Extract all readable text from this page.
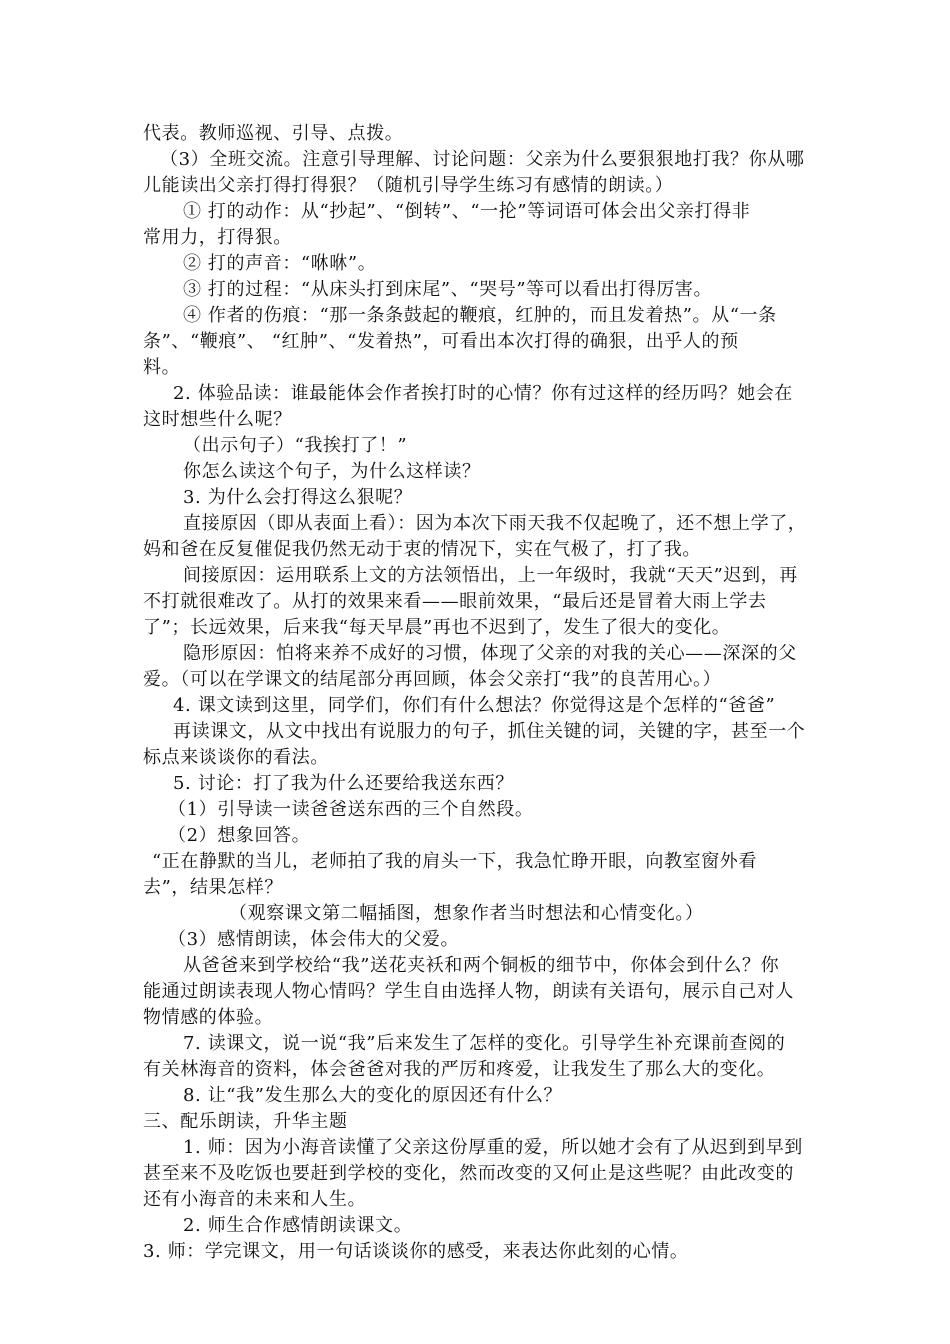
代表。教师巡视、引导、点拨。
（3）全班交流。注意引导理解、讨论问题：父亲为什么要狠狠地打我？你从哪
儿能读出父亲打得打得狠？（随机引导学生练习有感情的朗读。）
① 打的动作：从“抄起”、“倒转”、“一抡”等词语可体会出父亲打得非
常用力，打得狠。
② 打的声音：“咻咻”。
③ 打的过程：“从床头打到床尾”、“哭号”等可以看出打得厉害。
④ 作者的伤痕：“那一条条鼓起的鞭痕，红肿的，而且发着热”。从“一条
条”、“鞭痕”、 “红肿”、“发着热”，可看出本次打得的确狠，出乎人的预
料。
2. 体验品读：谁最能体会作者挨打时的心情？你有过这样的经历吗？她会在
这时想些什么呢？
（出示句子）“我挨打了！”
你怎么读这个句子，为什么这样读？
3. 为什么会打得这么狠呢？
直接原因（即从表面上看）：因为本次下雨天我不仅起晚了，还不想上学了，
妈和爸在反复催促我仍然无动于衷的情况下，实在气极了，打了我。
间接原因：运用联系上文的方法领悟出，上一年级时，我就“天天”迟到，再
不打就很难改了。从打的效果来看——眼前效果，“最后还是冒着大雨上学去
了”；长远效果，后来我“每天早晨”再也不迟到了，发生了很大的变化。
隐形原因：怕将来养不成好的习惯，体现了父亲的对我的关心——深深的父
爱。（可以在学课文的结尾部分再回顾，体会父亲打“我”的良苦用心。）
4. 课文读到这里，同学们，你们有什么想法？你觉得这是个怎样的“爸爸”
再读课文，从文中找出有说服力的句子，抓住关键的词，关键的字，甚至一个
标点来谈谈你的看法。
5. 讨论：打了我为什么还要给我送东西？
（1）引导读一读爸爸送东西的三个自然段。
（2）想象回答。
“正在静默的当儿，老师拍了我的肩头一下，我急忙睁开眼，向教室窗外看
去”，结果怎样？
（观察课文第二幅插图，想象作者当时想法和心情变化。）
（3）感情朗读，体会伟大的父爱。
从爸爸来到学校给“我”送花夹袄和两个铜板的细节中，你体会到什么？你
能通过朗读表现人物心情吗？学生自由选择人物，朗读有关语句，展示自己对人
物情感的体验。
7. 读课文，说一说“我”后来发生了怎样的变化。引导学生补充课前查阅的
有关林海音的资料，体会爸爸对我的严厉和疼爱，让我发生了那么大的变化。
8. 让“我”发生那么大的变化的原因还有什么？
三、配乐朗读，升华主题
1. 师：因为小海音读懂了父亲这份厚重的爱，所以她才会有了从迟到到早到
甚至来不及吃饭也要赶到学校的变化，然而改变的又何止是这些呢？由此改变的
还有小海音的未来和人生。
2. 师生合作感情朗读课文。
3. 师：学完课文，用一句话谈谈你的感受，来表达你此刻的心情。
